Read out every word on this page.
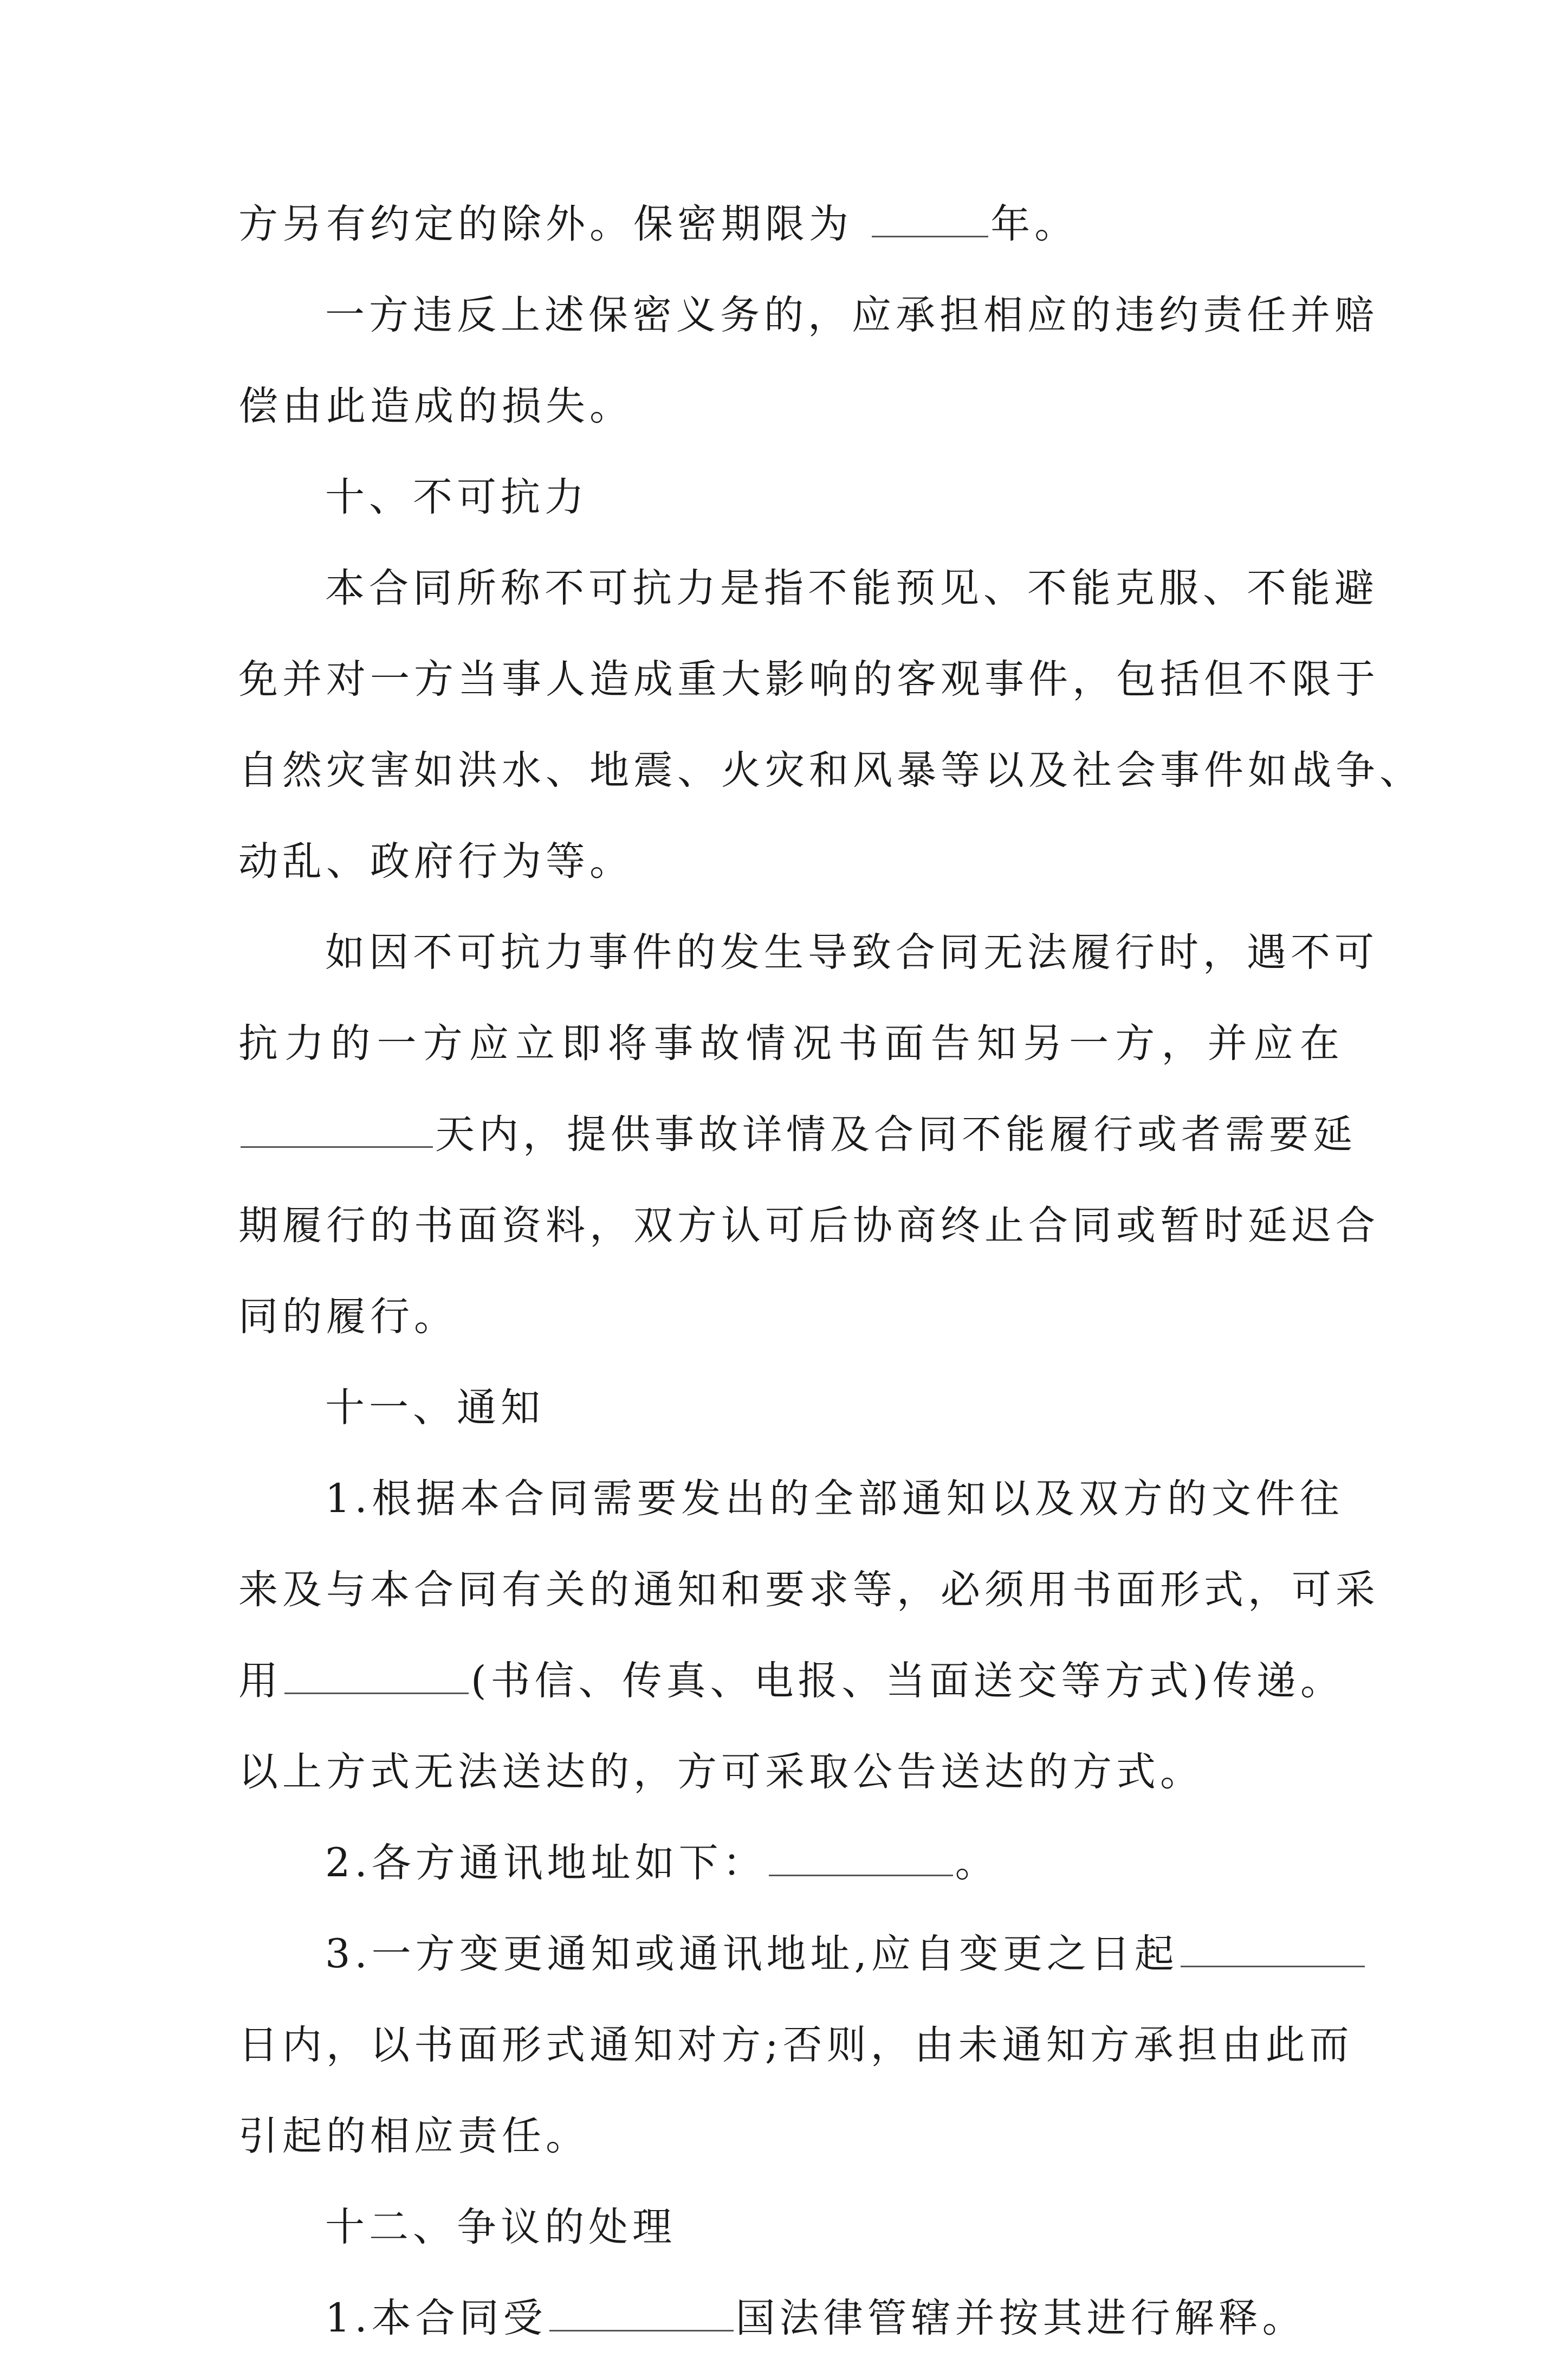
方另有约定的除外。保密期限为	年。
一方违反上述保密义务的，应承担相应的违约责任并赔
偿由此造成的损失。
十、不可抗力
本合同所称不可抗力是指不能预见、不能克服、不能避
免并对一方当事人造成重大影响的客观事件，包括但不限于
自然灾害如洪水、地震、火灾和风暴等以及社会事件如战争、
动乱、政府行为等。
如因不可抗力事件的发生导致合同无法履行时，遇不可
抗力的一方应立即将事故情况书面告知另一方，并应在
天内，提供事故详情及合同不能履行或者需要延
期履行的书面资料，双方认可后协商终止合同或暂时延迟合
同的履行。
十一、通知
1.根据本合同需要发出的全部通知以及双方的文件往
来及与本合同有关的通知和要求等，必须用书面形式，可采
用	(书信、传真、电报、当面送交等方式)传递。
以上方式无法送达的，方可采取公告送达的方式。
2.各方通讯地址如下：	。
3.一方变更通知或通讯地址,应自变更之日起
日内，以书面形式通知对方;否则，由未通知方承担由此而
引起的相应责任。
十二、争议的处理
1.本合同受	国法律管辖并按其进行解释。
